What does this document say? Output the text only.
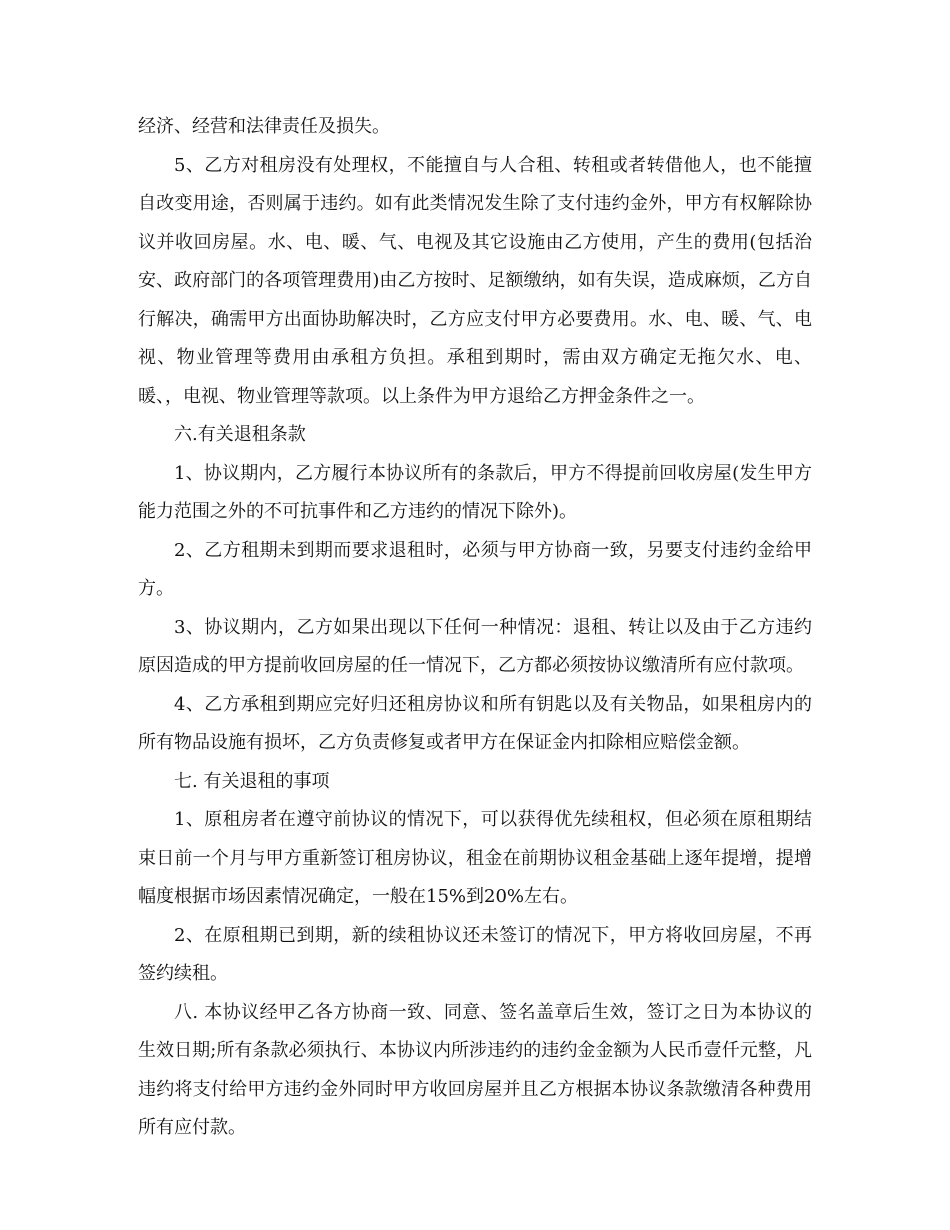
经济、经营和法律责任及损失。

5、乙方对租房没有处理权，不能擅自与人合租、转租或者转借他人，也不能擅自改变用途，否则属于违约。如有此类情况发生除了支付违约金外，甲方有权解除协议并收回房屋。水、电、暖、气、电视及其它设施由乙方使用，产生的费用(包括治安、政府部门的各项管理费用)由乙方按时、足额缴纳，如有失误，造成麻烦，乙方自行解决，确需甲方出面协助解决时，乙方应支付甲方必要费用。水、电、暖、气、电视、物业管理等费用由承租方负担。承租到期时，需由双方确定无拖欠水、电、暖、，电视、物业管理等款项。以上条件为甲方退给乙方押金条件之一。

六.有关退租条款

1、协议期内，乙方履行本协议所有的条款后，甲方不得提前回收房屋(发生甲方能力范围之外的不可抗事件和乙方违约的情况下除外)。

2、乙方租期未到期而要求退租时，必须与甲方协商一致，另要支付违约金给甲方。

3、协议期内，乙方如果出现以下任何一种情况：退租、转让以及由于乙方违约原因造成的甲方提前收回房屋的任一情况下，乙方都必须按协议缴清所有应付款项。

4、乙方承租到期应完好归还租房协议和所有钥匙以及有关物品，如果租房内的所有物品设施有损坏，乙方负责修复或者甲方在保证金内扣除相应赔偿金额。

七. 有关退租的事项

1、原租房者在遵守前协议的情况下，可以获得优先续租权，但必须在原租期结束日前一个月与甲方重新签订租房协议，租金在前期协议租金基础上逐年提增，提增幅度根据市场因素情况确定，一般在15%到20%左右。

2、在原租期已到期，新的续租协议还未签订的情况下，甲方将收回房屋，不再签约续租。

八. 本协议经甲乙各方协商一致、同意、签名盖章后生效，签订之日为本协议的生效日期;所有条款必须执行、本协议内所涉违约的违约金金额为人民币壹仟元整，凡违约将支付给甲方违约金外同时甲方收回房屋并且乙方根据本协议条款缴清各种费用所有应付款。
